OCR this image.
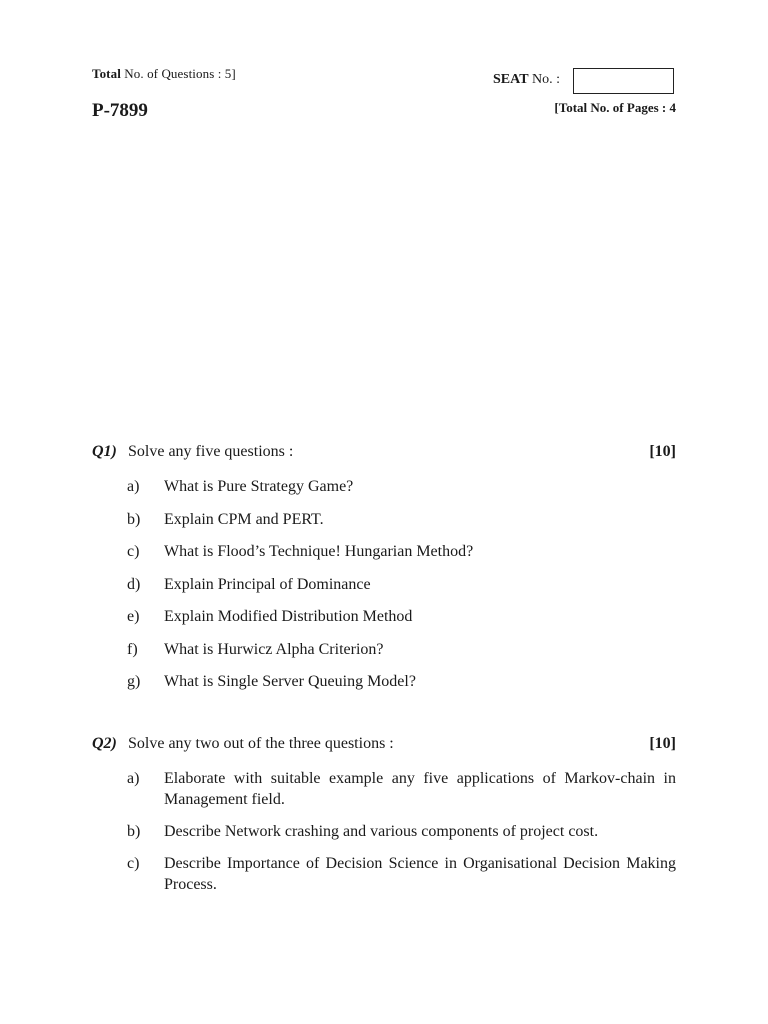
Total No. of Questions : 5]
P-7899
SEAT No. :
[Total No. of Pages : 4
Q1) Solve any five questions :	[10]
a) What is Pure Strategy Game?
b) Explain CPM and PERT.
c) What is Flood’s Technique! Hungarian Method?
d) Explain Principal of Dominance
e) Explain Modified Distribution Method
f) What is Hurwicz Alpha Criterion?
g) What is Single Server Queuing Model?
Q2) Solve any two out of the three questions :	[10]
a) Elaborate with suitable example any five applications of Markov-chain in Management field.
b) Describe Network crashing and various components of project cost.
c) Describe Importance of Decision Science in Organisational Decision Making Process.
